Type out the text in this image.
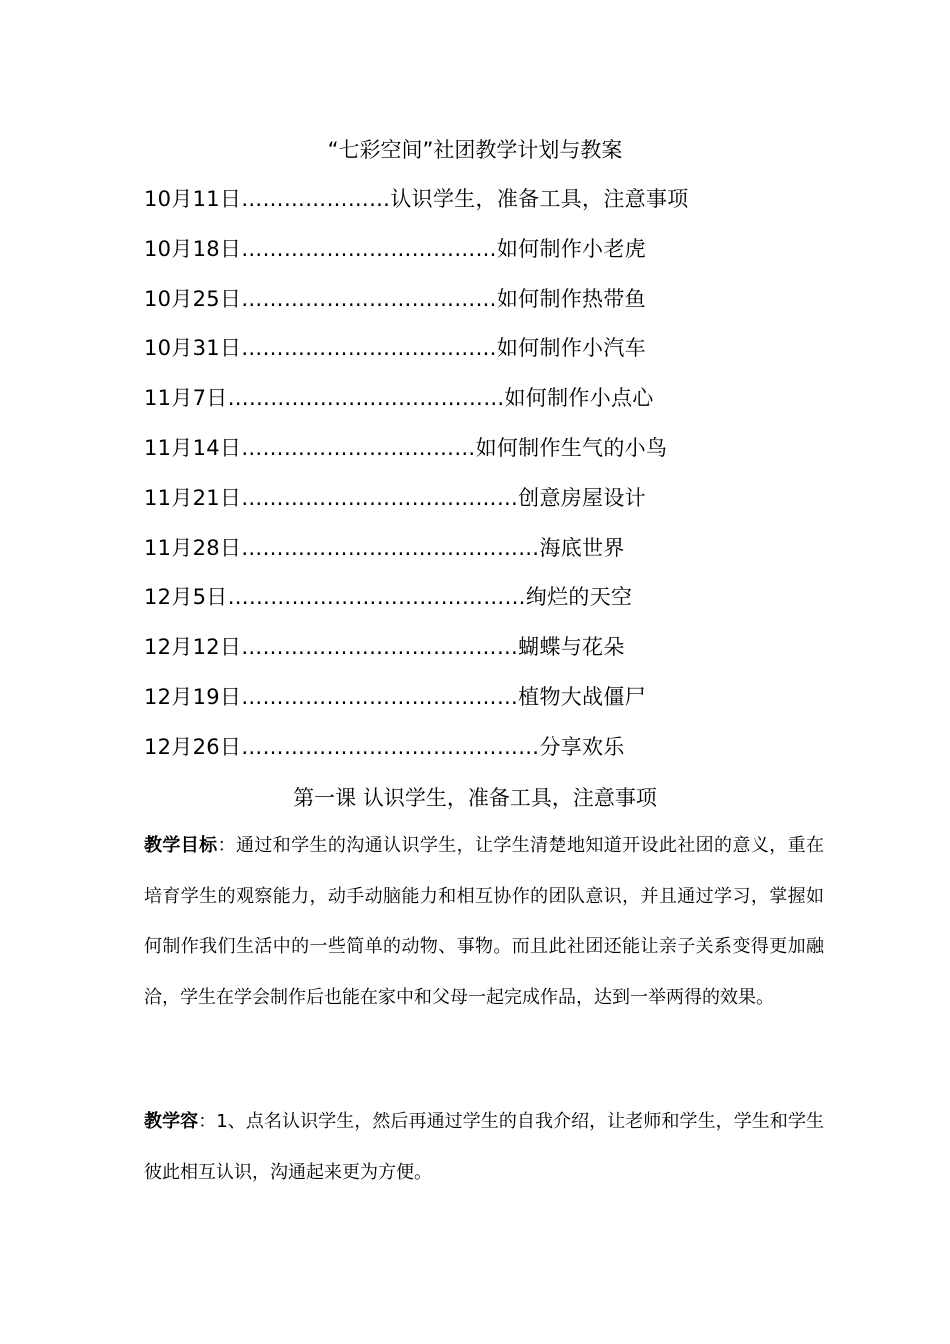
“七彩空间”社团教学计划与教案
10月11日…………………认识学生，准备工具，注意事项
10月18日………………………………如何制作小老虎
10月25日………………………………如何制作热带鱼
10月31日………………………………如何制作小汽车
11月7日…………………………………如何制作小点心
11月14日……………………………如何制作生气的小鸟
11月21日…………………………………创意房屋设计
11月28日……………………………………海底世界
12月5日……………………………………绚烂的天空
12月12日…………………………………蝴蝶与花朵
12月19日…………………………………植物大战僵尸
12月26日……………………………………分享欢乐
第一课 认识学生，准备工具，注意事项
教学目标：通过和学生的沟通认识学生，让学生清楚地知道开设此社团的意义，重在培育学生的观察能力，动手动脑能力和相互协作的团队意识，并且通过学习，掌握如何制作我们生活中的一些简单的动物、事物。而且此社团还能让亲子关系变得更加融洽，学生在学会制作后也能在家中和父母一起完成作品，达到一举两得的效果。
教学容：1、点名认识学生，然后再通过学生的自我介绍，让老师和学生，学生和学生彼此相互认识，沟通起来更为方便。
